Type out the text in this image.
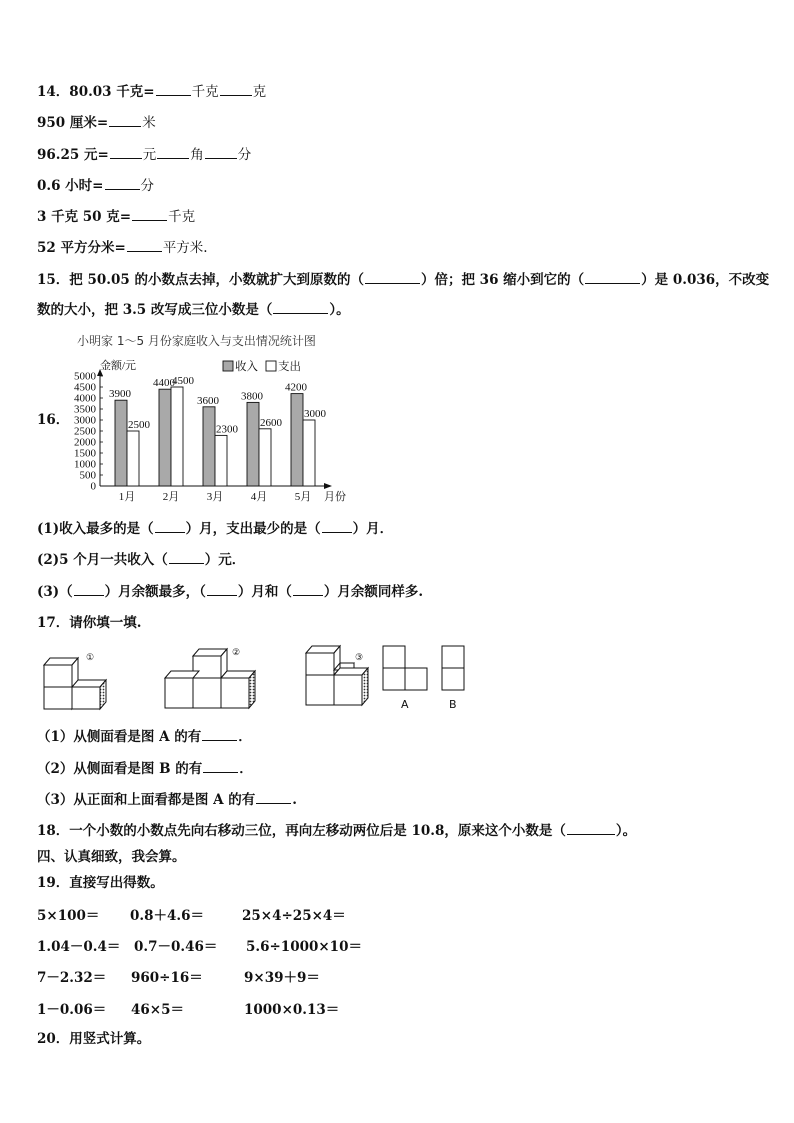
14．80.03 千克=	千克	克
950 厘米=	米
96.25 元=	元	角	分
0.6 小时=	分
3 千克 50 克=	千克
52 平方分米=	平方米.
15．把 50.05 的小数点去掉，小数就扩大到原数的（	）倍；把 36 缩小到它的（	）是 0.036，不改变
数的大小，把 3.5 改写成三位小数是（	）。
16．
小明家 1～5 月份家庭收入与支出情况统计图
金额/元	收入 支出
月份
0
500
1000
1500
2000
2500
3000
3500
4000
4500
5000
3900
2500
4400
4500
3600
2300
3800
2600
4200
3000
1月	2月	3月	4月	5月
(1)收入最多的是（ ）月，支出最少的是（ ）月．
(2)5 个月一共收入（	）元．
(3)（ ）月余额最多，（ ）月和（ ）月余额同样多.
17．请你填一填.
①	②	③
A	B
（1）从侧面看是图 A 的有	．
（2）从侧面看是图 B 的有	．
（3）从正面和上面看都是图 A 的有	.
18．一个小数的小数点先向右移动三位，再向左移动两位后是 10.8，原来这个小数是（	）。
四、认真细致，我会算。
19．直接写出得数。
5×100＝ 0.8＋4.6＝	25×4÷25×4＝
1.04－0.4＝ 0.7－0.46＝ 5.6÷1000×10＝
7－2.32＝ 960÷16＝	9×39＋9＝
1－0.06＝ 46×5＝	1000×0.13＝
20．用竖式计算。
